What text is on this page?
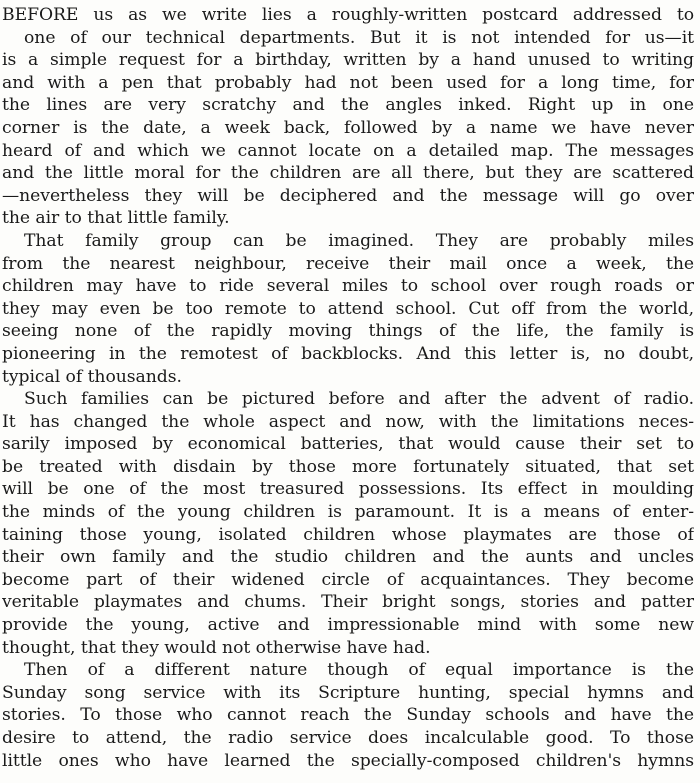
BEFORE us as we write lies a roughly-written postcard addressed to
one of our technical departments. But it is not intended for us—it
is a simple request for a birthday, written by a hand unused to writing
and with a pen that probably had not been used for a long time, for
the lines are very scratchy and the angles inked. Right up in one
corner is the date, a week back, followed by a name we have never
heard of and which we cannot locate on a detailed map. The messages
and the little moral for the children are all there, but they are scattered
—nevertheless they will be deciphered and the message will go over
the air to that little family.
That family group can be imagined. They are probably miles
from the nearest neighbour, receive their mail once a week, the
children may have to ride several miles to school over rough roads or
they may even be too remote to attend school. Cut off from the world,
seeing none of the rapidly moving things of the life, the family is
pioneering in the remotest of backblocks. And this letter is, no doubt,
typical of thousands.
Such families can be pictured before and after the advent of radio.
It has changed the whole aspect and now, with the limitations neces-
sarily imposed by economical batteries, that would cause their set to
be treated with disdain by those more fortunately situated, that set
will be one of the most treasured possessions. Its effect in moulding
the minds of the young children is paramount. It is a means of enter-
taining those young, isolated children whose playmates are those of
their own family and the studio children and the aunts and uncles
become part of their widened circle of acquaintances. They become
veritable playmates and chums. Their bright songs, stories and patter
provide the young, active and impressionable mind with some new
thought, that they would not otherwise have had.
Then of a different nature though of equal importance is the
Sunday song service with its Scripture hunting, special hymns and
stories. To those who cannot reach the Sunday schools and have the
desire to attend, the radio service does incalculable good. To those
little ones who have learned the specially-composed children's hymns
